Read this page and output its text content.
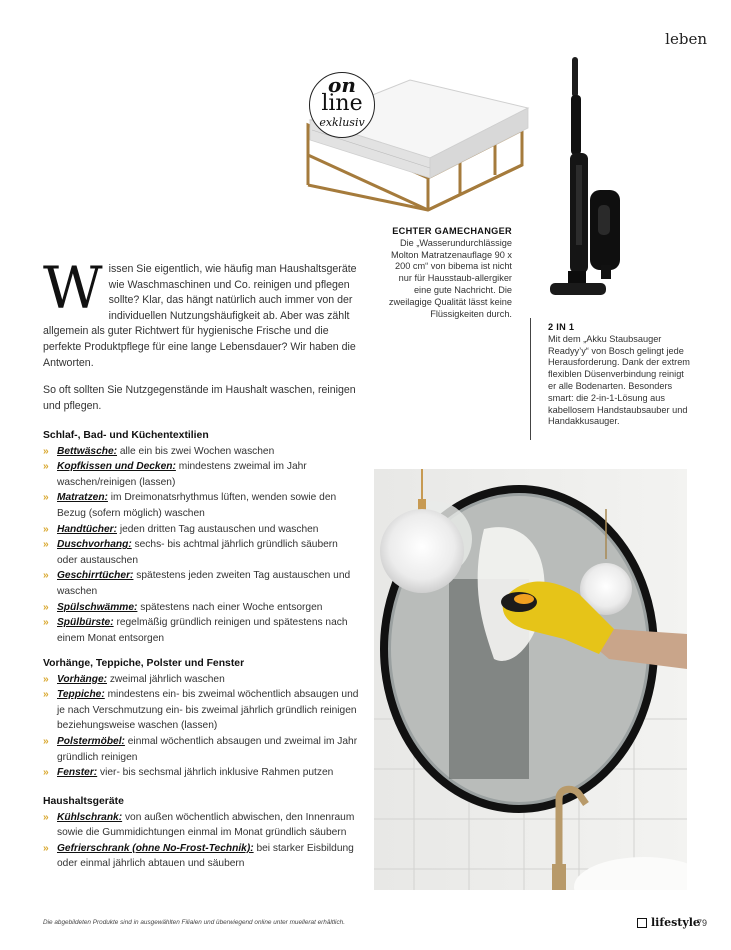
leben
on
line
exklusiv
ECHTER GAMECHANGER
Die „Wasserundurchlässige Molton Matratzenauflage 90 x 200 cm“ von bibema ist nicht nur für Hausstaub-allergiker eine gute Nachricht. Die zweilagige Qualität lässt keine Flüssigkeiten durch.
2 IN 1
Mit dem „Akku Staubsauger Readyy’y“ von Bosch gelingt jede Herausforderung. Dank der extrem flexiblen Düsenverbindung reinigt er alle Bodenarten. Besonders smart: die 2-in-1-Lösung aus kabellosem Handstaubsauber und Handakkusauger.
Wissen Sie eigentlich, wie häufig man Haushaltsgeräte wie Waschmaschinen und Co. reinigen und pflegen sollte? Klar, das hängt natürlich auch immer von der individuellen Nutzungshäufigkeit ab. Aber was zählt allgemein als guter Richtwert für hygienische Frische und die perfekte Produktpflege für eine lange Lebensdauer? Wir haben die Antworten.
So oft sollten Sie Nutzgegenstände im Haushalt waschen, reinigen und pflegen.
Schlaf-, Bad- und Küchentextilien
» Bettwäsche: alle ein bis zwei Wochen waschen
» Kopfkissen und Decken: mindestens zweimal im Jahr waschen/reinigen (lassen)
» Matratzen: im Dreimonatsrhythmus lüften, wenden sowie den Bezug (sofern möglich) waschen
» Handtücher: jeden dritten Tag austauschen und waschen
» Duschvorhang: sechs- bis achtmal jährlich gründlich säubern oder austauschen
» Geschirrtücher: spätestens jeden zweiten Tag austauschen und waschen
» Spülschwämme: spätestens nach einer Woche entsorgen
» Spülbürste: regelmäßig gründlich reinigen und spätestens nach einem Monat entsorgen
Vorhänge, Teppiche, Polster und Fenster
» Vorhänge: zweimal jährlich waschen
» Teppiche: mindestens ein- bis zweimal wöchentlich absaugen und je nach Verschmutzung ein- bis zweimal jährlich gründlich reinigen beziehungsweise waschen (lassen)
» Polstermöbel: einmal wöchentlich absaugen und zweimal im Jahr gründlich reinigen
» Fenster: vier- bis sechsmal jährlich inklusive Rahmen putzen
Haushaltsgeräte
» Kühlschrank: von außen wöchentlich abwischen, den Innenraum sowie die Gummidichtungen einmal im Monat gründlich säubern
» Gefrierschrank (ohne No-Frost-Technik): bei starker Eisbildung oder einmal jährlich abtauen und säubern
Die abgebildeten Produkte sind in ausgewählten Filialen und überwiegend online unter muellerat erhältlich.	lifestyle
79
